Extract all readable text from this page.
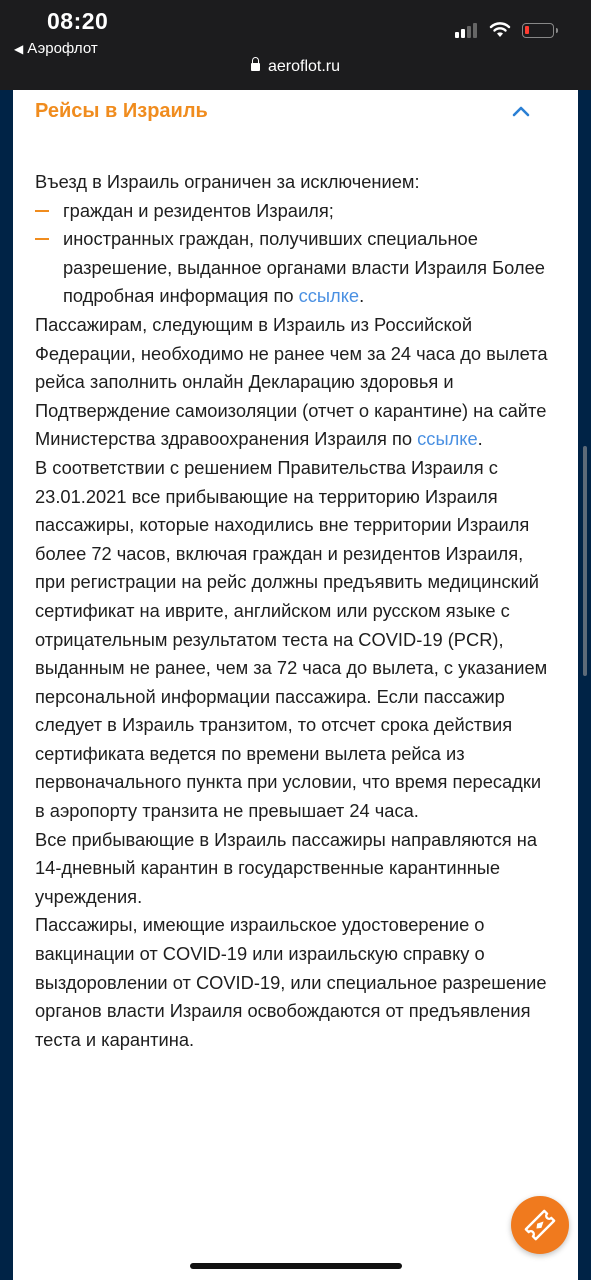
08:20
◀ Аэрофлот
aeroflot.ru
Рейсы в Израиль

Въезд в Израиль ограничен за исключением:

граждан и резидентов Израиля;

иностранных граждан, получивших специальное разрешение, выданное органами власти Израиля Более подробная информация по ссылке.

Пассажирам, следующим в Израиль из Российской Федерации, необходимо не ранее чем за 24 часа до вылета рейса заполнить онлайн Декларацию здоровья и Подтверждение самоизоляции (отчет о карантине) на сайте Министерства здравоохранения Израиля по ссылке.

В соответствии с решением Правительства Израиля с 23.01.2021 все прибывающие на территорию Израиля пассажиры, которые находились вне территории Израиля более 72 часов, включая граждан и резидентов Израиля, при регистрации на рейс должны предъявить медицинский сертификат на иврите, английском или русском языке с отрицательным результатом теста на COVID-19 (PCR), выданным не ранее, чем за 72 часа до вылета, с указанием персональной информации пассажира. Если пассажир следует в Израиль транзитом, то отсчет срока действия сертификата ведется по времени вылета рейса из первоначального пункта при условии, что время пересадки в аэропорту транзита не превышает 24 часа.

Все прибывающие в Израиль пассажиры направляются на 14-дневный карантин в государственные карантинные учреждения.

Пассажиры, имеющие израильское удостоверение о вакцинации от COVID-19 или израильскую справку о выздоровлении от COVID-19, или специальное разрешение органов власти Израиля освобождаются от предъявления теста и карантина.
